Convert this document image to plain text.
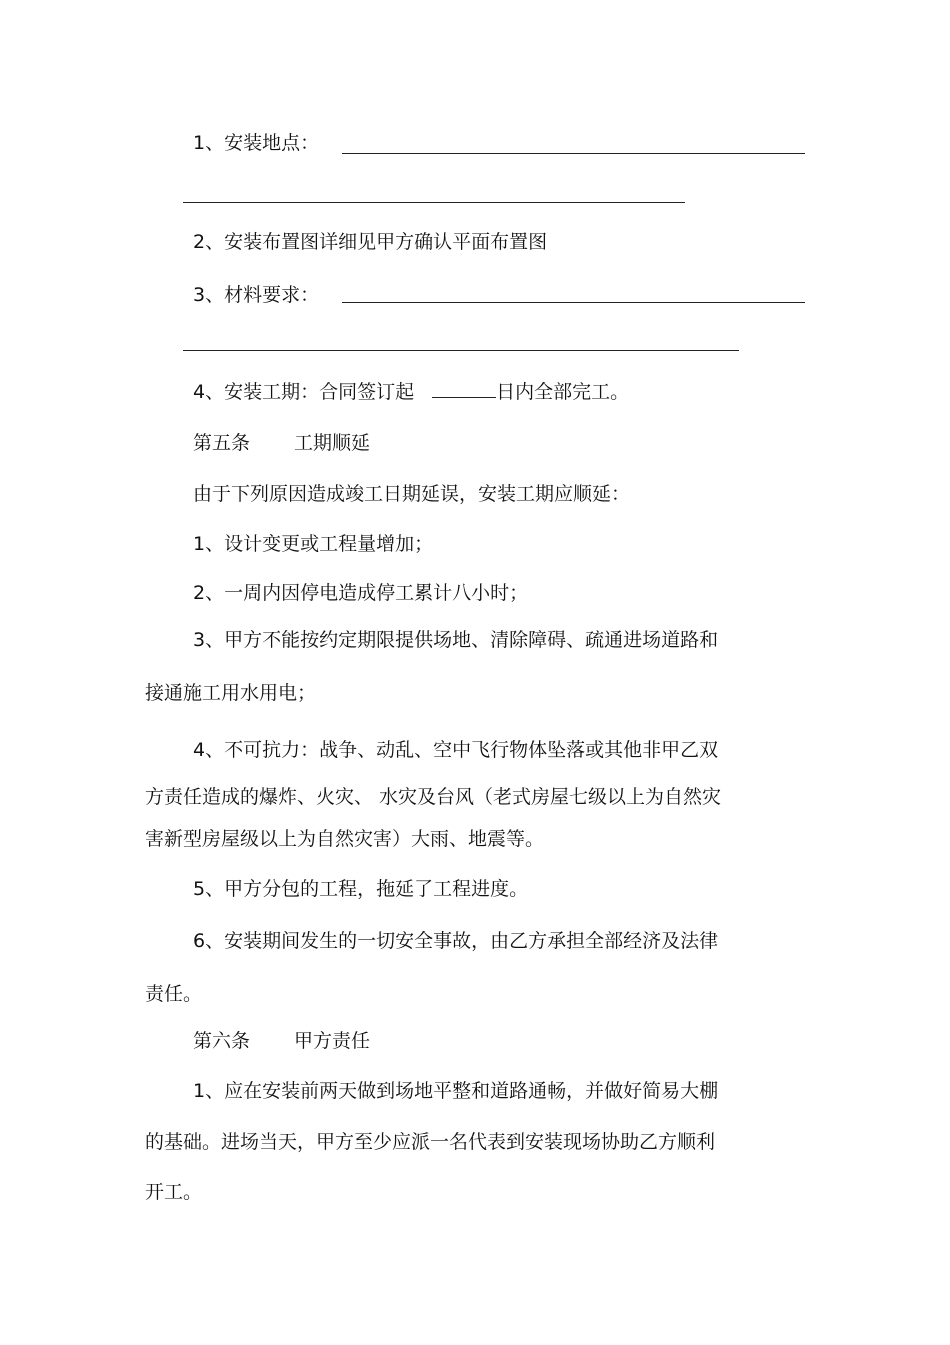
1、安装地点：
2、安装布置图详细见甲方确认平面布置图
3、材料要求：
4、安装工期：合同签订起	日内全部完工。
第五条 工期顺延
由于下列原因造成竣工日期延误，安装工期应顺延：
1、设计变更或工程量增加；
2、一周内因停电造成停工累计八小时；
3、甲方不能按约定期限提供场地、清除障碍、疏通进场道路和
接通施工用水用电；
4、不可抗力：战争、动乱、空中飞行物体坠落或其他非甲乙双
方责任造成的爆炸、火灾、 水灾及台风（老式房屋七级以上为自然灾
害新型房屋级以上为自然灾害）大雨、地震等。
5、甲方分包的工程，拖延了工程进度。
6、安装期间发生的一切安全事故，由乙方承担全部经济及法律
责任。
第六条 甲方责任
1、应在安装前两天做到场地平整和道路通畅，并做好简易大棚
的基础。进场当天，甲方至少应派一名代表到安装现场协助乙方顺利
开工。
